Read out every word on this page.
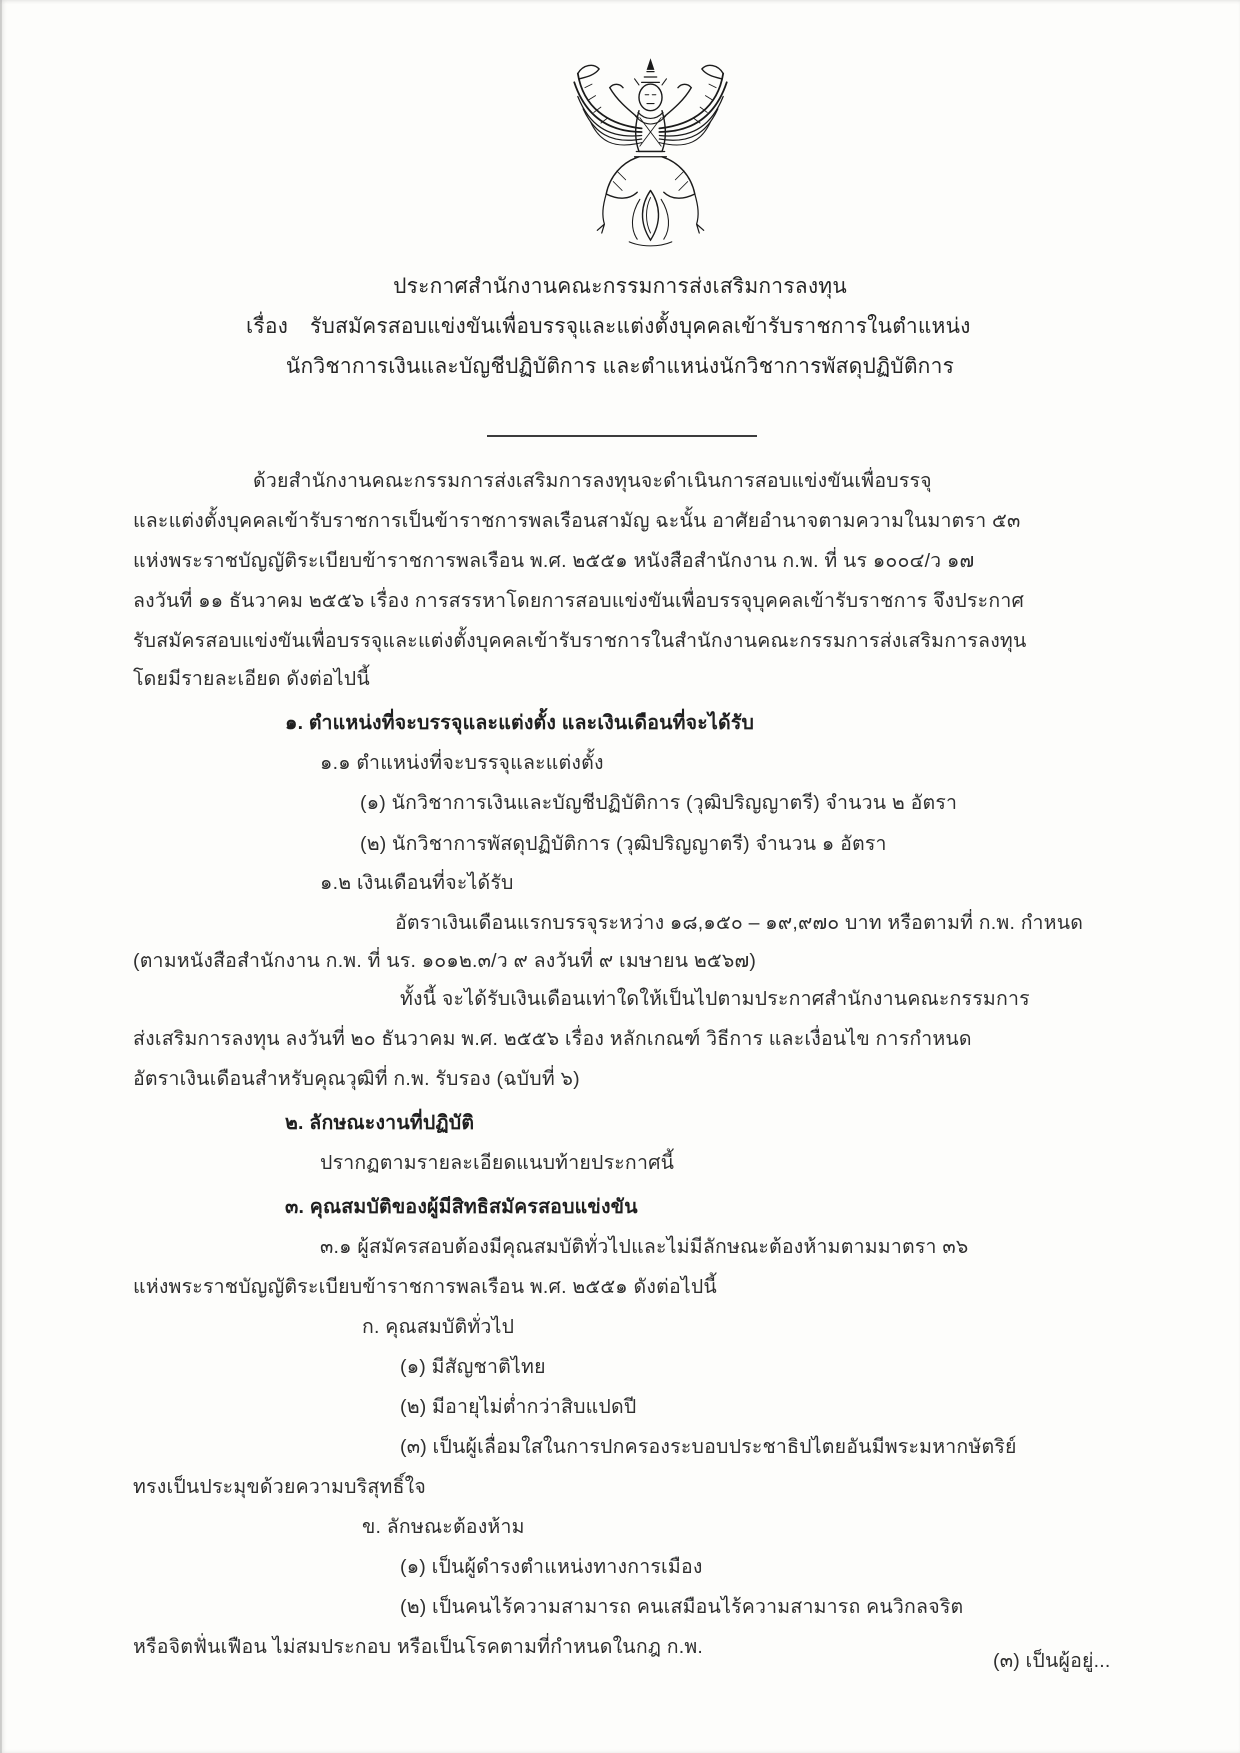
ประกาศสำนักงานคณะกรรมการส่งเสริมการลงทุน
เรื่อง รับสมัครสอบแข่งขันเพื่อบรรจุและแต่งตั้งบุคคลเข้ารับราชการในตำแหน่ง
นักวิชาการเงินและบัญชีปฏิบัติการ และตำแหน่งนักวิชาการพัสดุปฏิบัติการ
ด้วยสำนักงานคณะกรรมการส่งเสริมการลงทุนจะดำเนินการสอบแข่งขันเพื่อบรรจุ
และแต่งตั้งบุคคลเข้ารับราชการเป็นข้าราชการพลเรือนสามัญ ฉะนั้น อาศัยอำนาจตามความในมาตรา ๕๓
แห่งพระราชบัญญัติระเบียบข้าราชการพลเรือน พ.ศ. ๒๕๕๑ หนังสือสำนักงาน ก.พ. ที่ นร ๑๐๐๔/ว ๑๗
ลงวันที่ ๑๑ ธันวาคม ๒๕๕๖ เรื่อง การสรรหาโดยการสอบแข่งขันเพื่อบรรจุบุคคลเข้ารับราชการ จึงประกาศ
รับสมัครสอบแข่งขันเพื่อบรรจุและแต่งตั้งบุคคลเข้ารับราชการในสำนักงานคณะกรรมการส่งเสริมการลงทุน
โดยมีรายละเอียด ดังต่อไปนี้
๑. ตำแหน่งที่จะบรรจุและแต่งตั้ง และเงินเดือนที่จะได้รับ
๑.๑ ตำแหน่งที่จะบรรจุและแต่งตั้ง
(๑) นักวิชาการเงินและบัญชีปฏิบัติการ (วุฒิปริญญาตรี) จำนวน ๒ อัตรา
(๒) นักวิชาการพัสดุปฏิบัติการ (วุฒิปริญญาตรี) จำนวน ๑ อัตรา
๑.๒ เงินเดือนที่จะได้รับ
อัตราเงินเดือนแรกบรรจุระหว่าง ๑๘,๑๕๐ – ๑๙,๙๗๐ บาท หรือตามที่ ก.พ. กำหนด
(ตามหนังสือสำนักงาน ก.พ. ที่ นร. ๑๐๑๒.๓/ว ๙ ลงวันที่ ๙ เมษายน ๒๕๖๗)
ทั้งนี้ จะได้รับเงินเดือนเท่าใดให้เป็นไปตามประกาศสำนักงานคณะกรรมการ
ส่งเสริมการลงทุน ลงวันที่ ๒๐ ธันวาคม พ.ศ. ๒๕๕๖ เรื่อง หลักเกณฑ์ วิธีการ และเงื่อนไข การกำหนด
อัตราเงินเดือนสำหรับคุณวุฒิที่ ก.พ. รับรอง (ฉบับที่ ๖)
๒. ลักษณะงานที่ปฏิบัติ
ปรากฏตามรายละเอียดแนบท้ายประกาศนี้
๓. คุณสมบัติของผู้มีสิทธิสมัครสอบแข่งขัน
๓.๑ ผู้สมัครสอบต้องมีคุณสมบัติทั่วไปและไม่มีลักษณะต้องห้ามตามมาตรา ๓๖
แห่งพระราชบัญญัติระเบียบข้าราชการพลเรือน พ.ศ. ๒๕๕๑ ดังต่อไปนี้
ก. คุณสมบัติทั่วไป
(๑) มีสัญชาติไทย
(๒) มีอายุไม่ต่ำกว่าสิบแปดปี
(๓) เป็นผู้เลื่อมใสในการปกครองระบอบประชาธิปไตยอันมีพระมหากษัตริย์
ทรงเป็นประมุขด้วยความบริสุทธิ์ใจ
ข. ลักษณะต้องห้าม
(๑) เป็นผู้ดำรงตำแหน่งทางการเมือง
(๒) เป็นคนไร้ความสามารถ คนเสมือนไร้ความสามารถ คนวิกลจริต
หรือจิตฟั่นเฟือน ไม่สมประกอบ หรือเป็นโรคตามที่กำหนดในกฎ ก.พ.
(๓) เป็นผู้อยู่...
